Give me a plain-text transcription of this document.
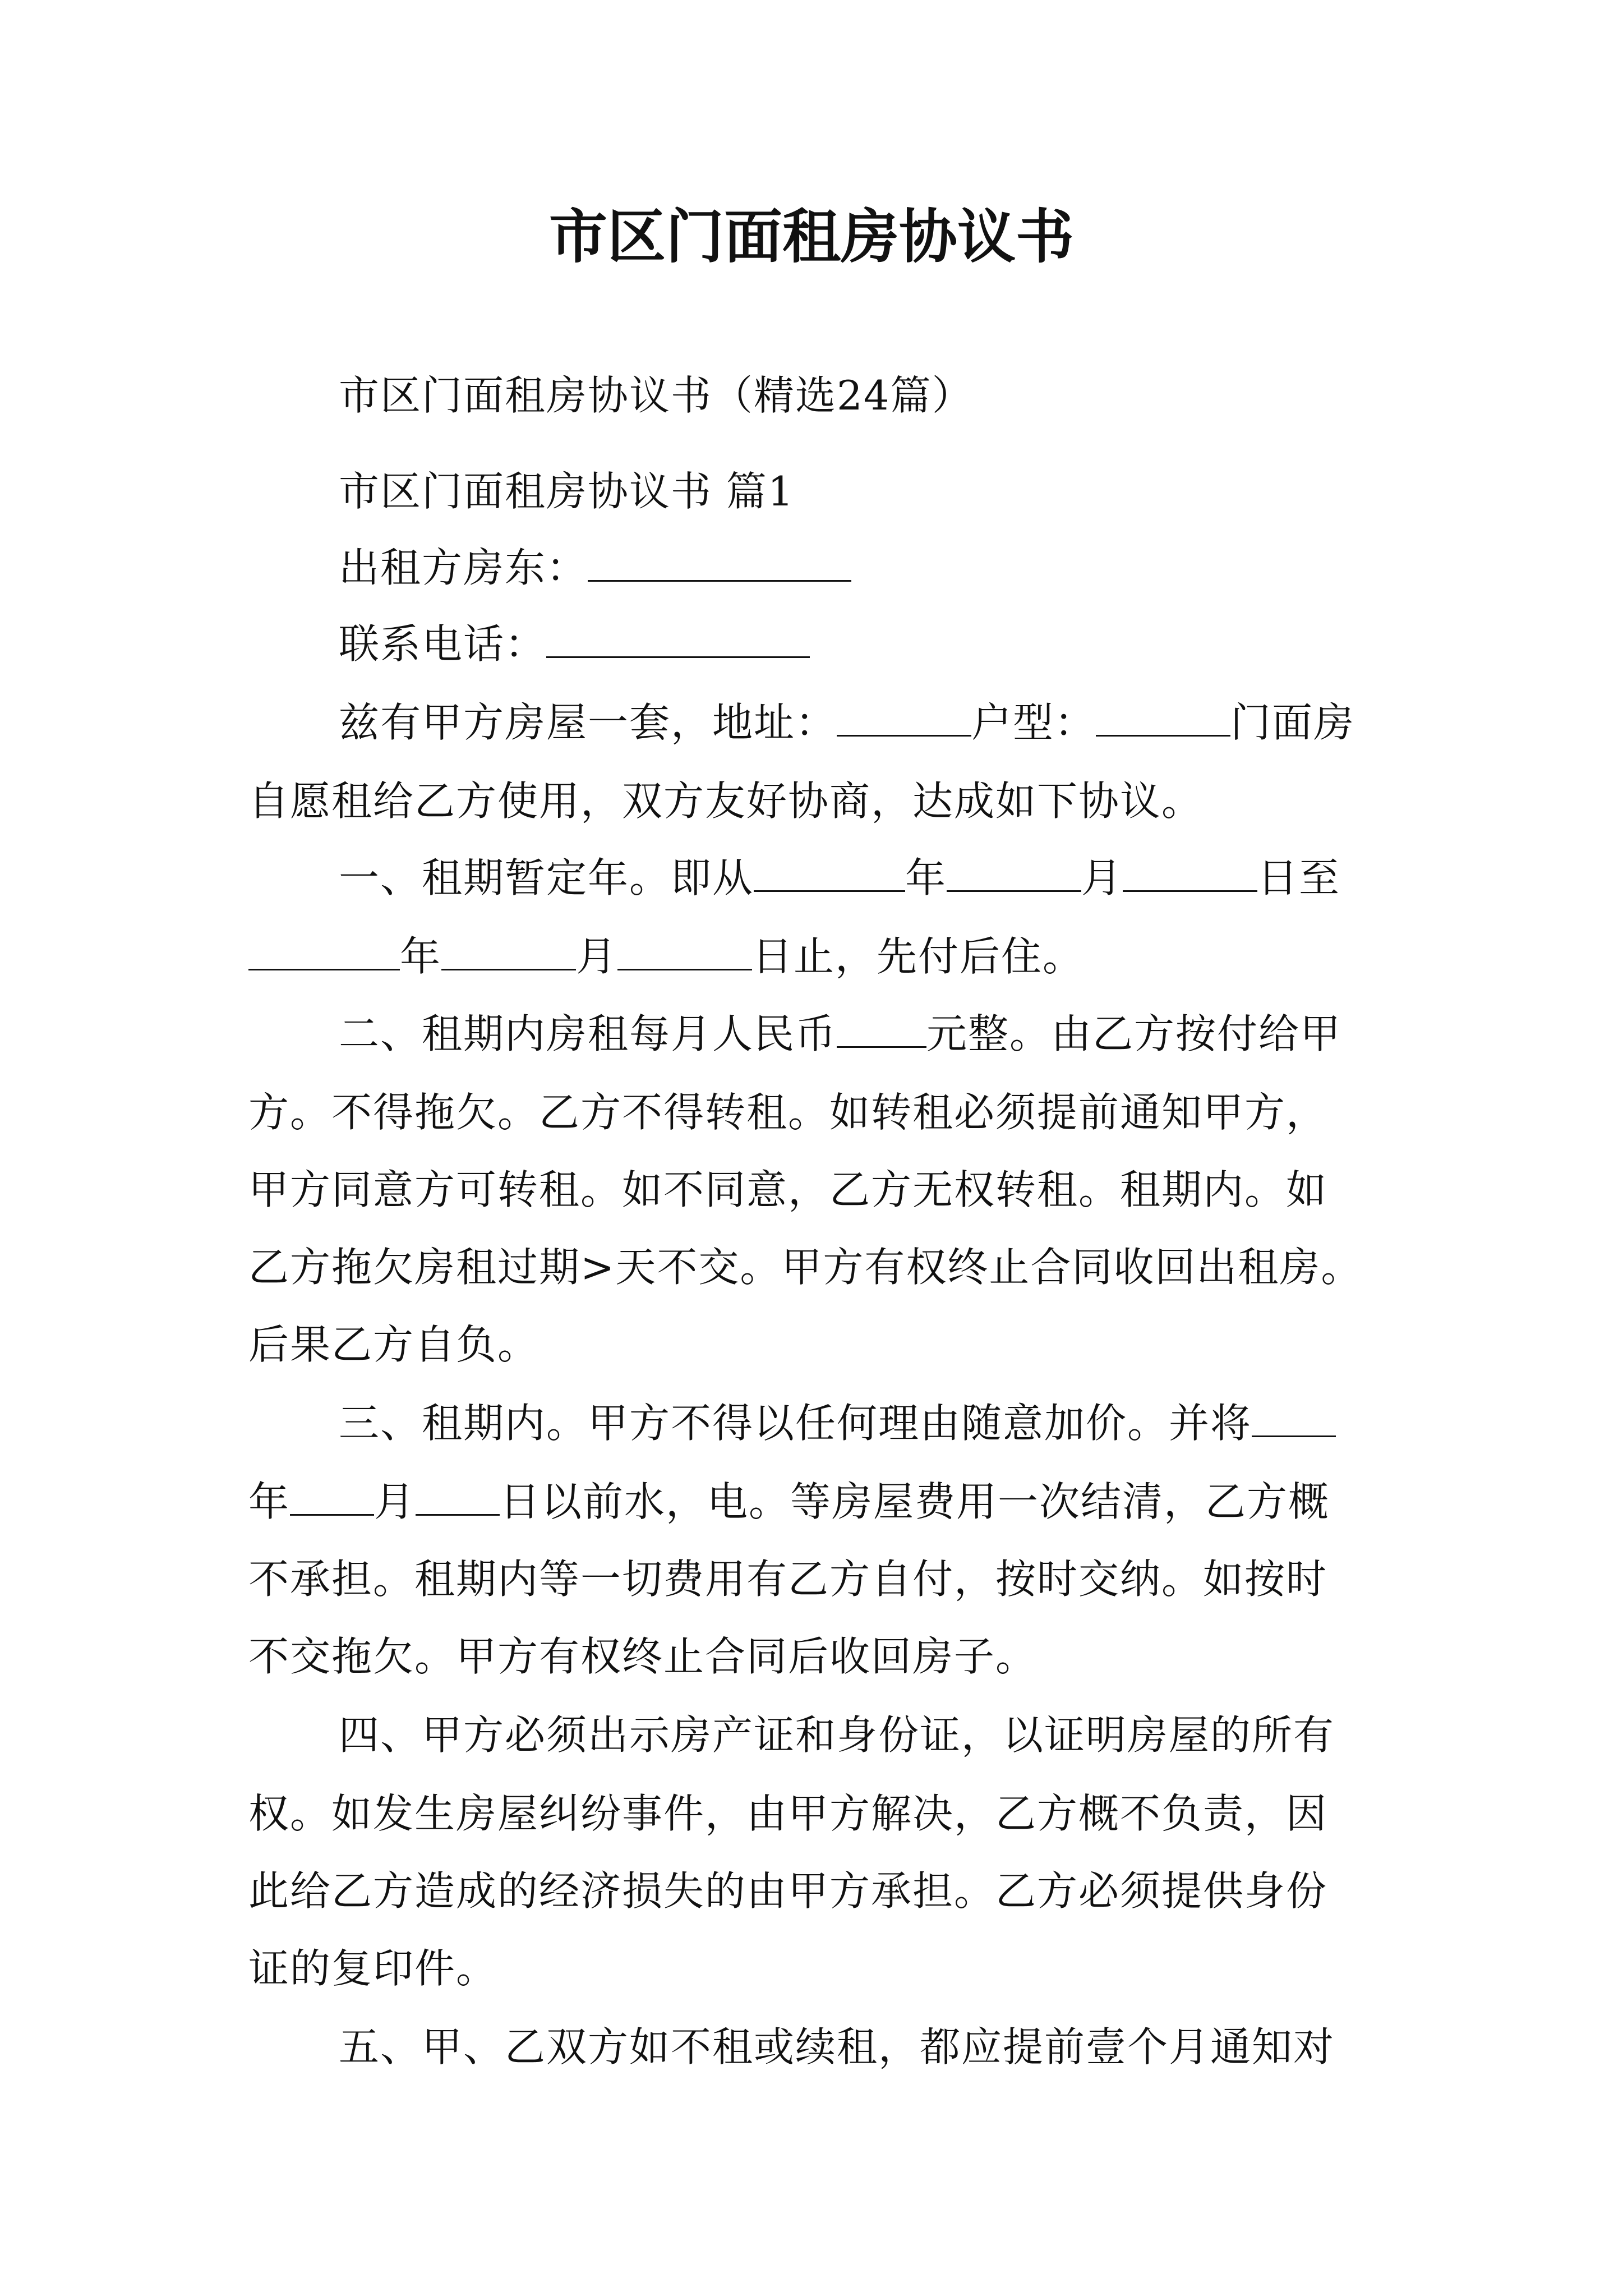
市区门面租房协议书
市区门面租房协议书（精选24篇）
市区门面租房协议书 篇1
出租方房东：
联系电话：
兹有甲方房屋一套，地址：	户型：	门面房
自愿租给乙方使用，双方友好协商，达成如下协议。
一、租期暂定年。即从	年	月	日至
年	月	日止，先付后住。
二、租期内房租每月人民币 元整。由乙方按付给甲
方。不得拖欠。乙方不得转租。如转租必须提前通知甲方，
甲方同意方可转租。如不同意，乙方无权转租。租期内。如
乙方拖欠房租过期>天不交。甲方有权终止合同收回出租房。
后果乙方自负。
三、租期内。甲方不得以任何理由随意加价。并将
年 月 日以前水，电。等房屋费用一次结清，乙方概
不承担。租期内等一切费用有乙方自付，按时交纳。如按时
不交拖欠。甲方有权终止合同后收回房子。
四、甲方必须出示房产证和身份证，以证明房屋的所有
权。如发生房屋纠纷事件，由甲方解决，乙方概不负责，因
此给乙方造成的经济损失的由甲方承担。乙方必须提供身份
证的复印件。
五、甲、乙双方如不租或续租，都应提前壹个月通知对
